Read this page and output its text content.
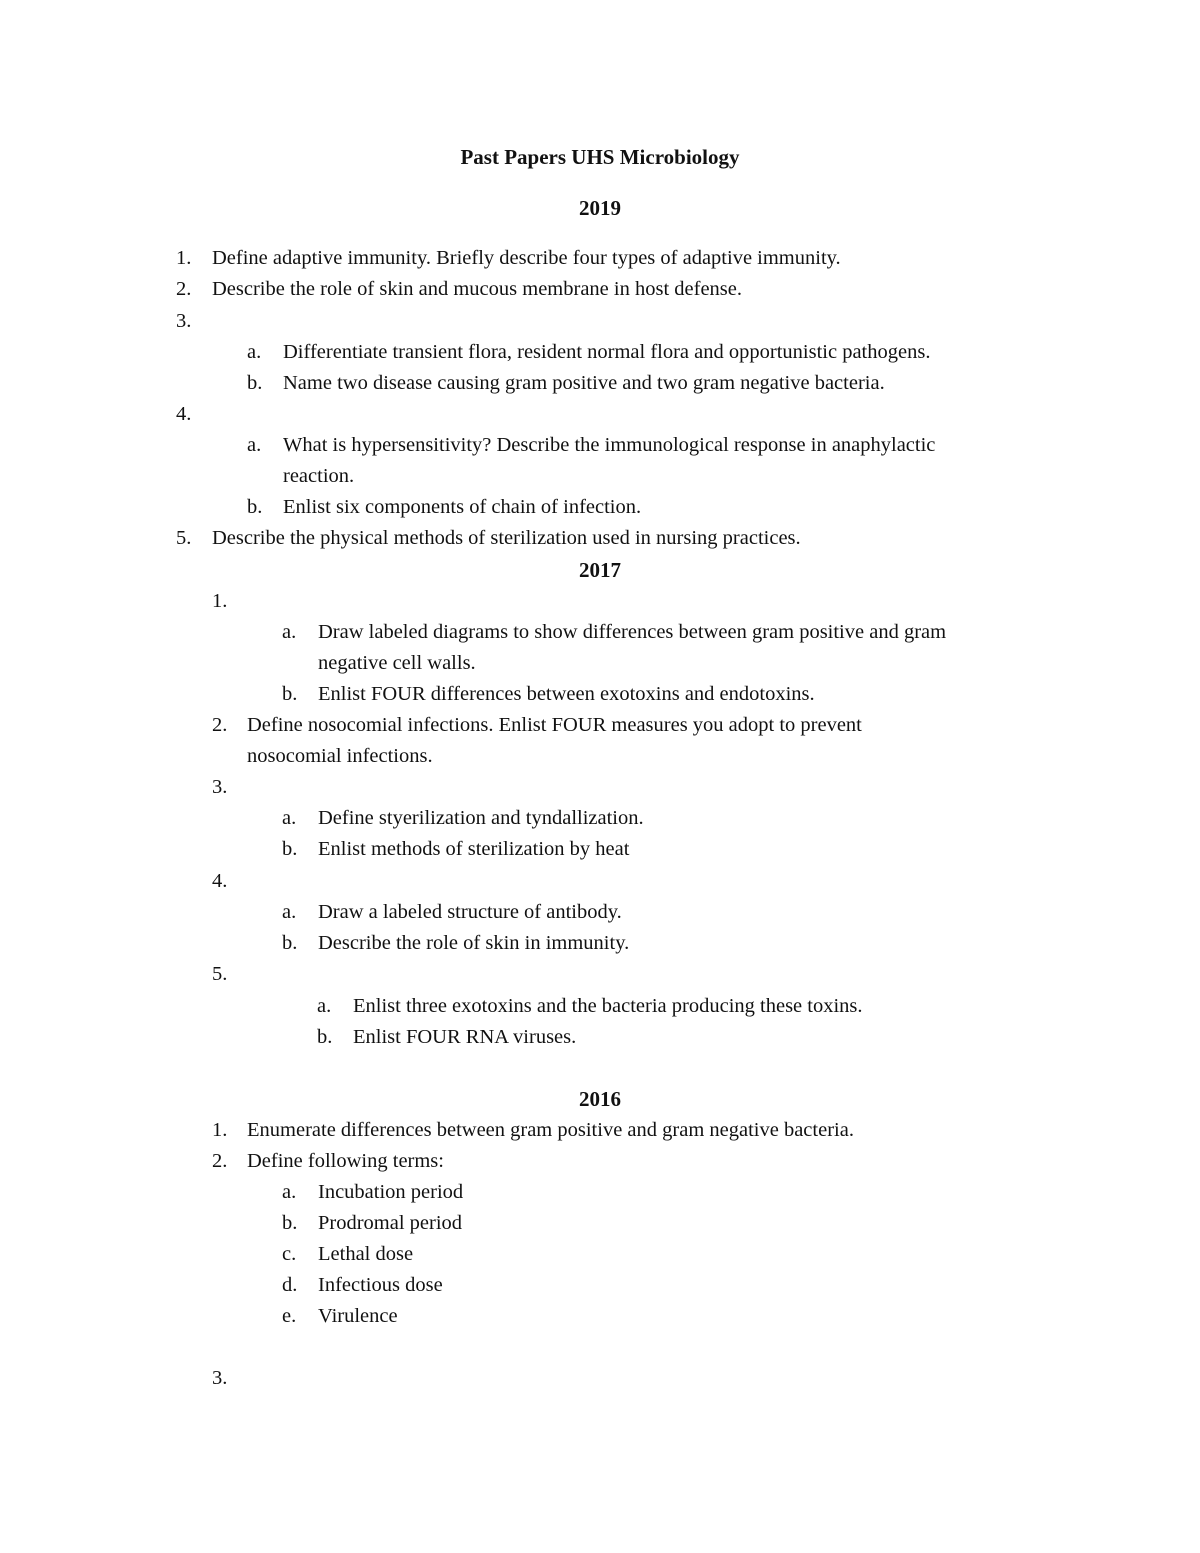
Past Papers UHS Microbiology
2019
1. Define adaptive immunity. Briefly describe four types of adaptive immunity.
2. Describe the role of skin and mucous membrane in host defense.
3.
a. Differentiate transient flora, resident normal flora and opportunistic pathogens.
b. Name two disease causing gram positive and two gram negative bacteria.
4.
a. What is hypersensitivity? Describe the immunological response in anaphylactic
reaction.
b. Enlist six components of chain of infection.
5. Describe the physical methods of sterilization used in nursing practices.
2017
1.
a. Draw labeled diagrams to show differences between gram positive and gram
negative cell walls.
b. Enlist FOUR differences between exotoxins and endotoxins.
2. Define nosocomial infections. Enlist FOUR measures you adopt to prevent
nosocomial infections.
3.
a. Define styerilization and tyndallization.
b. Enlist methods of sterilization by heat
4.
a. Draw a labeled structure of antibody.
b. Describe the role of skin in immunity.
5.
a. Enlist three exotoxins and the bacteria producing these toxins.
b. Enlist FOUR RNA viruses.
2016
1. Enumerate differences between gram positive and gram negative bacteria.
2. Define following terms:
a. Incubation period
b. Prodromal period
c. Lethal dose
d. Infectious dose
e. Virulence
3.
